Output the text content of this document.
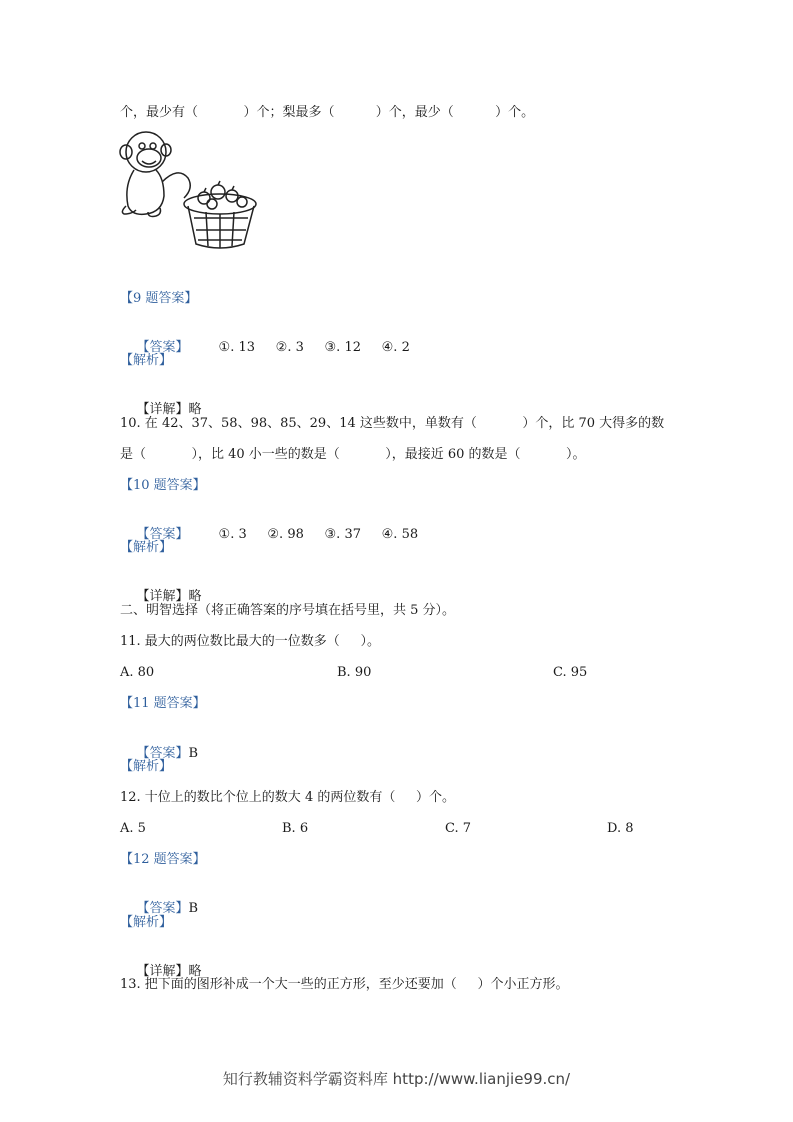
个，最少有（           ）个；梨最多（          ）个，最少（          ）个。
【9 题答案】

【答案】 ①. 13     ②. 3     ③. 12     ④. 2

【解析】

【详解】略

10. 在 42、37、58、98、85、29、14 这些数中，单数有（           ）个，比 70 大得多的数
是（           ），比 40 小一些的数是（           ），最接近 60 的数是（           ）。
【10 题答案】

【答案】 ①. 3     ②. 98     ③. 37     ④. 58

【解析】

【详解】略

二、明智选择（将正确答案的序号填在括号里，共 5 分）。
11. 最大的两位数比最大的一位数多（     ）。
A. 80	B. 90	C. 95
【11 题答案】

【答案】B

【解析】
12. 十位上的数比个位上的数大 4 的两位数有（     ）个。
A. 5	B. 6	C. 7	D. 8
【12 题答案】

【答案】B

【解析】

【详解】略

13. 把下面的图形补成一个大一些的正方形，至少还要加（     ）个小正方形。
知行教辅资料学霸资料库 http://www.lianjie99.cn/
